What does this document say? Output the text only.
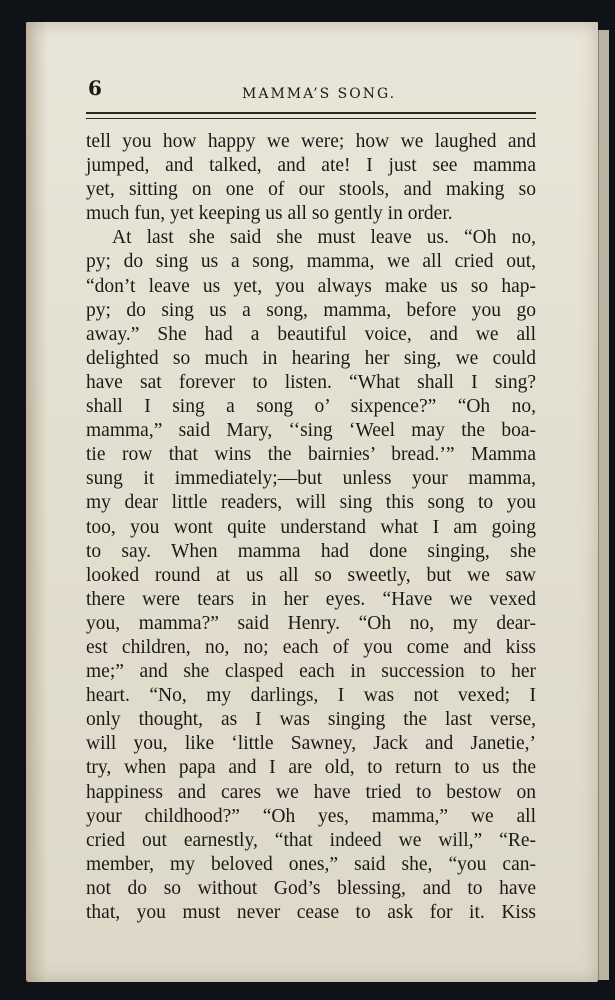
6	MAMMA’S SONG.
tell you how happy we were; how we laughed and
jumped, and talked, and ate! I just see mamma
yet, sitting on one of our stools, and making so
much fun, yet keeping us all so gently in order.
At last she said she must leave us. “Oh no,
py; do sing us a song, mamma, we all cried out,
“don’t leave us yet, you always make us so hap-
py; do sing us a song, mamma, before you go
away.” She had a beautiful voice, and we all
delighted so much in hearing her sing, we could
have sat forever to listen. “What shall I sing?
shall I sing a song o’ sixpence?” “Oh no,
mamma,” said Mary, ‘‘sing ‘Weel may the boa-
tie row that wins the bairnies’ bread.’” Mamma
sung it immediately;—but unless your mamma,
my dear little readers, will sing this song to you
too, you wont quite understand what I am going
to say. When mamma had done singing, she
looked round at us all so sweetly, but we saw
there were tears in her eyes. “Have we vexed
you, mamma?” said Henry. “Oh no, my dear-
est children, no, no; each of you come and kiss
me;” and she clasped each in succession to her
heart. “No, my darlings, I was not vexed; I
only thought, as I was singing the last verse,
will you, like ‘little Sawney, Jack and Janetie,’
try, when papa and I are old, to return to us the
happiness and cares we have tried to bestow on
your childhood?” “Oh yes, mamma,” we all
cried out earnestly, “that indeed we will,” “Re-
member, my beloved ones,” said she, “you can-
not do so without God’s blessing, and to have
that, you must never cease to ask for it. Kiss
